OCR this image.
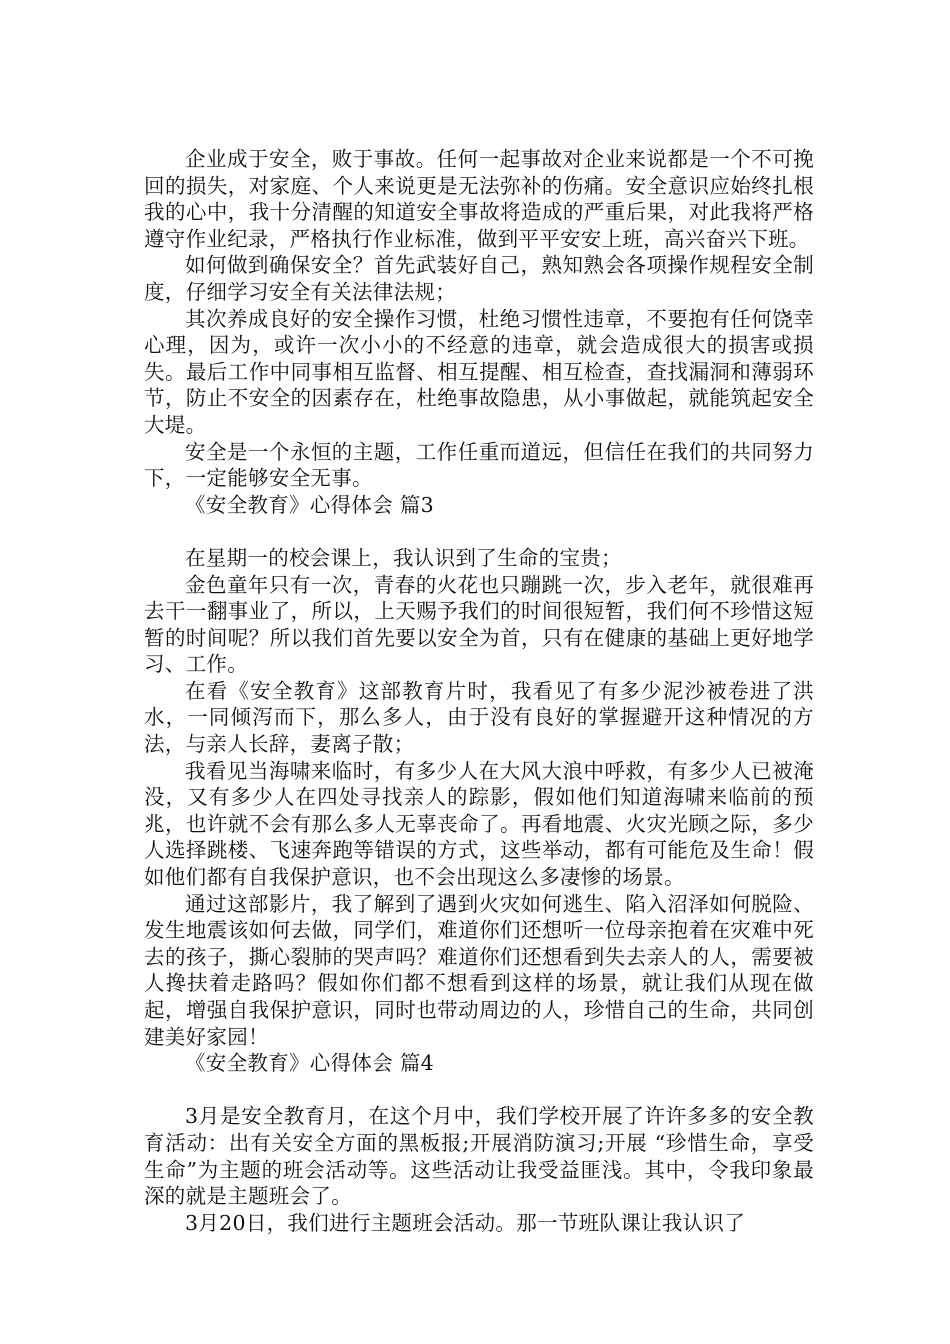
企业成于安全，败于事故。任何一起事故对企业来说都是一个不可挽回的损失，对家庭、个人来说更是无法弥补的伤痛。安全意识应始终扎根我的心中，我十分清醒的知道安全事故将造成的严重后果，对此我将严格遵守作业纪录，严格执行作业标准，做到平平安安上班，高兴奋兴下班。

如何做到确保安全？首先武装好自己，熟知熟会各项操作规程安全制度，仔细学习安全有关法律法规；

其次养成良好的安全操作习惯，杜绝习惯性违章，不要抱有任何饶幸心理，因为，或许一次小小的不经意的违章，就会造成很大的损害或损失。最后工作中同事相互监督、相互提醒、相互检查，查找漏洞和薄弱环节，防止不安全的因素存在，杜绝事故隐患，从小事做起，就能筑起安全大堤。

安全是一个永恒的主题，工作任重而道远，但信任在我们的共同努力下，一定能够安全无事。

《安全教育》心得体会 篇3

在星期一的校会课上，我认识到了生命的宝贵；

金色童年只有一次，青春的火花也只蹦跳一次，步入老年，就很难再去干一翻事业了，所以，上天赐予我们的时间很短暂，我们何不珍惜这短暂的时间呢？所以我们首先要以安全为首，只有在健康的基础上更好地学习、工作。

在看《安全教育》这部教育片时，我看见了有多少泥沙被卷进了洪水，一同倾泻而下，那么多人，由于没有良好的掌握避开这种情况的方法，与亲人长辞，妻离子散；

我看见当海啸来临时，有多少人在大风大浪中呼救，有多少人已被淹没，又有多少人在四处寻找亲人的踪影，假如他们知道海啸来临前的预兆，也许就不会有那么多人无辜丧命了。再看地震、火灾光顾之际，多少人选择跳楼、飞速奔跑等错误的方式，这些举动，都有可能危及生命！假如他们都有自我保护意识，也不会出现这么多凄惨的场景。

通过这部影片，我了解到了遇到火灾如何逃生、陷入沼泽如何脱险、发生地震该如何去做，同学们，难道你们还想听一位母亲抱着在灾难中死去的孩子，撕心裂肺的哭声吗？难道你们还想看到失去亲人的人，需要被人搀扶着走路吗？假如你们都不想看到这样的场景，就让我们从现在做起，增强自我保护意识，同时也带动周边的人，珍惜自己的生命，共同创建美好家园！

《安全教育》心得体会 篇4

3月是安全教育月，在这个月中，我们学校开展了许许多多的安全教育活动：出有关安全方面的黑板报;开展消防演习;开展 “珍惜生命，享受生命”为主题的班会活动等。这些活动让我受益匪浅。其中，令我印象最深的就是主题班会了。

3月20日，我们进行主题班会活动。那一节班队课让我认识了
